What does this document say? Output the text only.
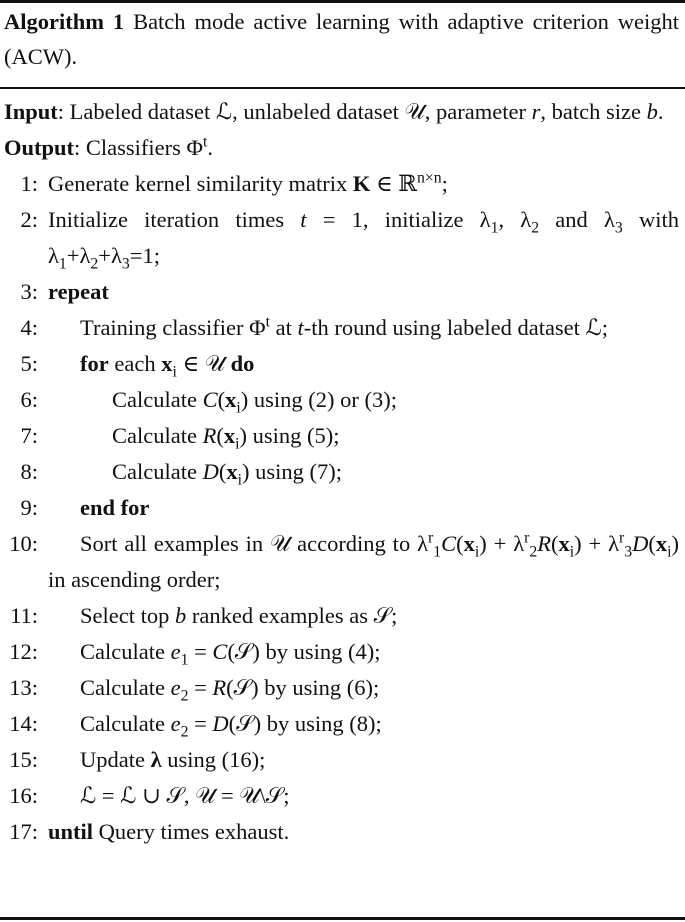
Algorithm 1 Batch mode active learning with adaptive criterion weight (ACW).
Input: Labeled dataset ℒ, unlabeled dataset 𝒰, parameter r, batch size b.
Output: Classifiers $\Phi^t$.
1: Generate kernel similarity matrix K ∈ ℝ$^{n\times n}$;
2: Initialize iteration times t = 1, initialize $\lambda_1$, $\lambda_2$ and $\lambda_3$ with $\lambda_1+\lambda_2+\lambda_3=1$;
3: repeat
4: Training classifier $\Phi^t$ at t-th round using labeled dataset ℒ;
5: for each $x_i$ ∈ 𝒰 do
6:	Calculate $C(x_i)$ using (2) or (3);
7:	Calculate $R(x_i)$ using (5);
8:	Calculate $D(x_i)$ using (7);
9: end for
10: Sort all examples in 𝒰 according to $\lambda^r_1C(x_i) + \lambda^r_2R(x_i) + \lambda^r_3D(x_i)$ in ascending order;
11: Select top b ranked examples as 𝒮;
12: Calculate $e_1$ = C(𝒮) by using (4);
13: Calculate $e_2$ = R(𝒮) by using (6);
14: Calculate $e_2$ = D(𝒮) by using (8);
15: Update λ using (16);
16: ℒ = ℒ ∪ 𝒮, 𝒰 = 𝒰\𝒮;
17: until Query times exhaust.
